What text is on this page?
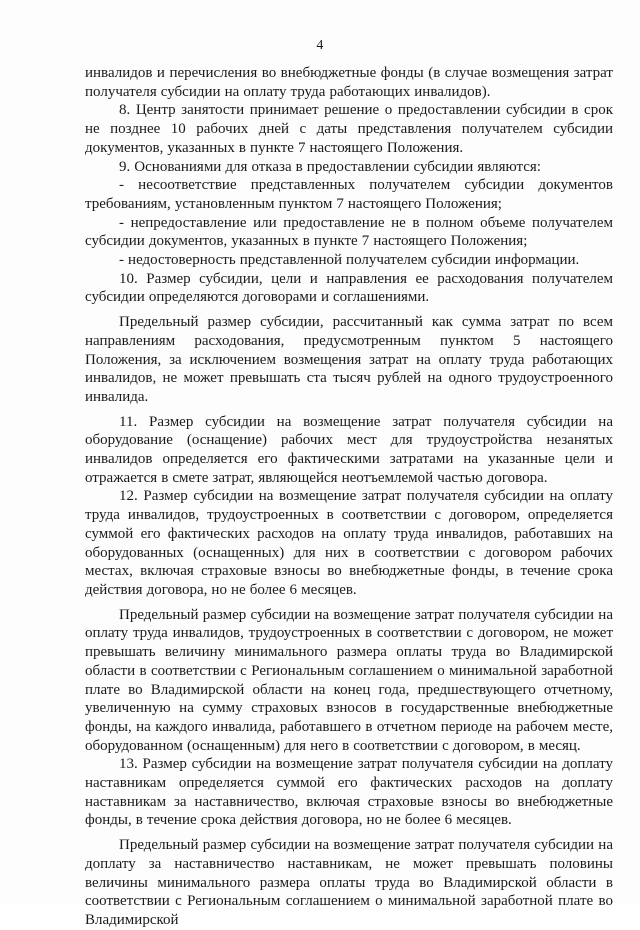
4

инвалидов и перечисления во внебюджетные фонды (в случае возмещения затрат получателя субсидии на оплату труда работающих инвалидов).

8. Центр занятости принимает решение о предоставлении субсидии в срок не позднее 10 рабочих дней с даты представления получателем субсидии документов, указанных в пункте 7 настоящего Положения.

9. Основаниями для отказа в предоставлении субсидии являются:

- несоответствие представленных получателем субсидии документов требованиям, установленным пунктом 7 настоящего Положения;

- непредоставление или предоставление не в полном объеме получателем субсидии документов, указанных в пункте 7 настоящего Положения;

- недостоверность представленной получателем субсидии информации.

10. Размер субсидии, цели и направления ее расходования получателем субсидии определяются договорами и соглашениями.

Предельный размер субсидии, рассчитанный как сумма затрат по всем направлениям расходования, предусмотренным пунктом 5 настоящего Положения, за исключением возмещения затрат на оплату труда работающих инвалидов, не может превышать ста тысяч рублей на одного трудоустроенного инвалида.

11. Размер субсидии на возмещение затрат получателя субсидии на оборудование (оснащение) рабочих мест для трудоустройства незанятых инвалидов определяется его фактическими затратами на указанные цели и отражается в смете затрат, являющейся неотъемлемой частью договора.

12. Размер субсидии на возмещение затрат получателя субсидии на оплату труда инвалидов, трудоустроенных в соответствии с договором, определяется суммой его фактических расходов на оплату труда инвалидов, работавших на оборудованных (оснащенных) для них в соответствии с договором рабочих местах, включая страховые взносы во внебюджетные фонды, в течение срока действия договора, но не более 6 месяцев.

Предельный размер субсидии на возмещение затрат получателя субсидии на оплату труда инвалидов, трудоустроенных в соответствии с договором, не может превышать величину минимального размера оплаты труда во Владимирской области в соответствии с Региональным соглашением о минимальной заработной плате во Владимирской области на конец года, предшествующего отчетному, увеличенную на сумму страховых взносов в государственные внебюджетные фонды, на каждого инвалида, работавшего в отчетном периоде на рабочем месте, оборудованном (оснащенным) для него в соответствии с договором, в месяц.

13. Размер субсидии на возмещение затрат получателя субсидии на доплату наставникам определяется суммой его фактических расходов на доплату наставникам за наставничество, включая страховые взносы во внебюджетные фонды, в течение срока действия договора, но не более 6 месяцев.

Предельный размер субсидии на возмещение затрат получателя субсидии на доплату за наставничество наставникам, не может превышать половины величины минимального размера оплаты труда во Владимирской области в соответствии с Региональным соглашением о минимальной заработной плате во Владимирской
